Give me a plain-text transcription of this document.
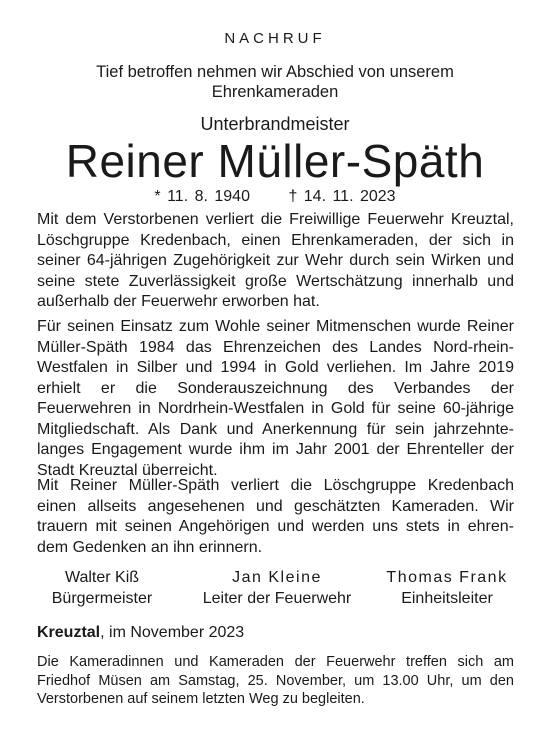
NACHRUF
Tief betroffen nehmen wir Abschied von unserem Ehrenkameraden
Unterbrandmeister
Reiner Müller-Späth
* 11. 8. 1940 † 14. 11. 2023
Mit dem Verstorbenen verliert die Freiwillige Feuerwehr Kreuztal, Löschgruppe Kredenbach, einen Ehrenkameraden, der sich in seiner 64-jährigen Zugehörigkeit zur Wehr durch sein Wirken und seine stete Zuverlässigkeit große Wertschätzung innerhalb und außerhalb der Feuerwehr erworben hat.
Für seinen Einsatz zum Wohle seiner Mitmenschen wurde Reiner Müller-Späth 1984 das Ehrenzeichen des Landes Nord-rhein-Westfalen in Silber und 1994 in Gold verliehen. Im Jahre 2019 erhielt er die Sonderauszeichnung des Verbandes der Feuerwehren in Nordrhein-Westfalen in Gold für seine 60-jährige Mitgliedschaft. Als Dank und Anerkennung für sein jahrzehnte-langes Engagement wurde ihm im Jahr 2001 der Ehrenteller der Stadt Kreuztal überreicht.
Mit Reiner Müller-Späth verliert die Löschgruppe Kredenbach einen allseits angesehenen und geschätzten Kameraden. Wir trauern mit seinen Angehörigen und werden uns stets in ehren-dem Gedenken an ihn erinnern.
Walter Kiß
Bürgermeister
Jan Kleine
Leiter der Feuerwehr
Thomas Frank
Einheitsleiter
Kreuztal, im November 2023
Die Kameradinnen und Kameraden der Feuerwehr treffen sich am Friedhof Müsen am Samstag, 25. November, um 13.00 Uhr, um den Verstorbenen auf seinem letzten Weg zu begleiten.
